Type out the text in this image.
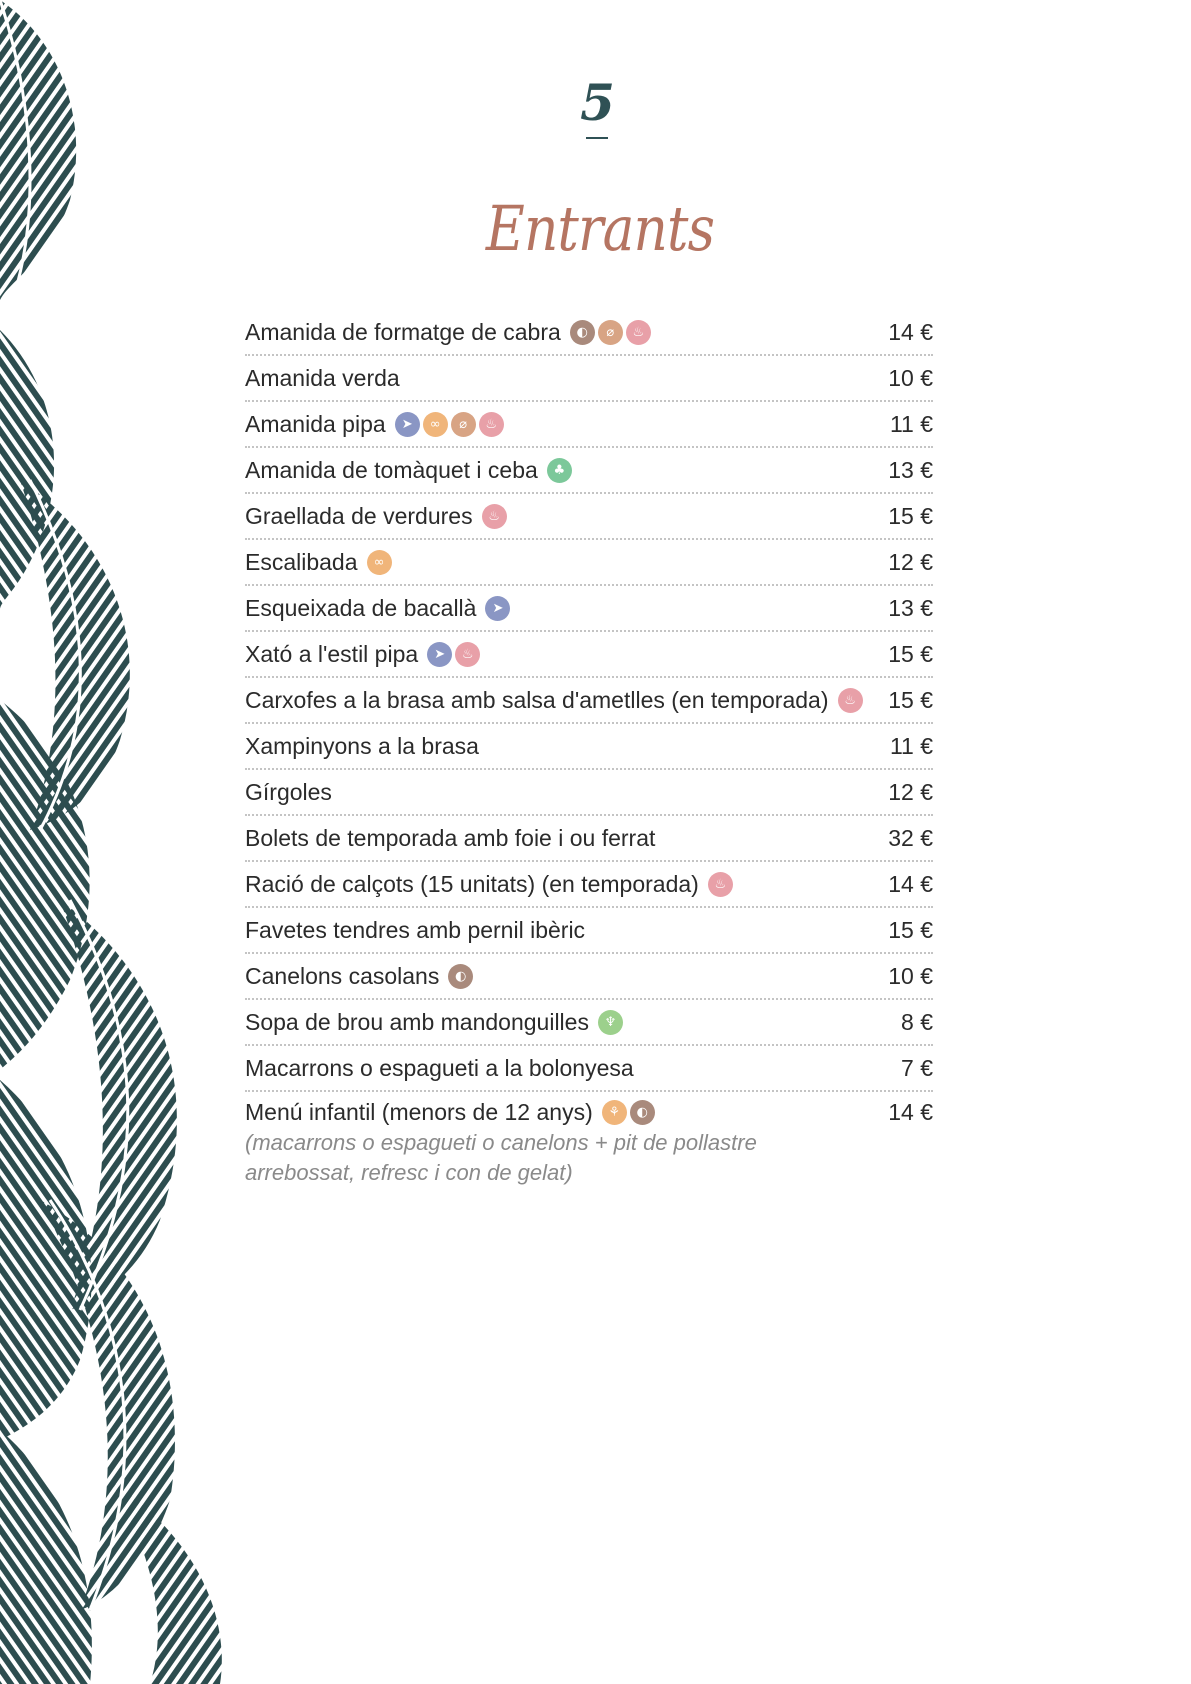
5
Entrants
Amanida de formatge de cabra	◐	⌀	♨	14 €
Amanida verda	10 €
Amanida pipa	➤	∞	⌀	♨	11 €
Amanida de tomàquet i ceba	♣	13 €
Graellada de verdures	♨	15 €
Escalibada	∞	12 €
Esqueixada de bacallà	➤	13 €
Xató a l'estil pipa	➤	♨	15 €
Carxofes a la brasa amb salsa d'ametlles (en temporada)	♨ 15 €
Xampinyons a la brasa	11 €
Gírgoles	12 €
Bolets de temporada amb foie i ou ferrat	32 €
Ració de calçots (15 unitats) (en temporada)	♨	14 €
Favetes tendres amb pernil ibèric	15 €
Canelons casolans	◐	10 €
Sopa de brou amb mandonguilles	♆	8 €
Macarrons o espagueti a la bolonyesa	7 €
Menú infantil (menors de 12 anys)	⚘	◐	14 €
(macarrons o espagueti o canelons + pit de pollastre arrebossat, refresc i con de gelat)
